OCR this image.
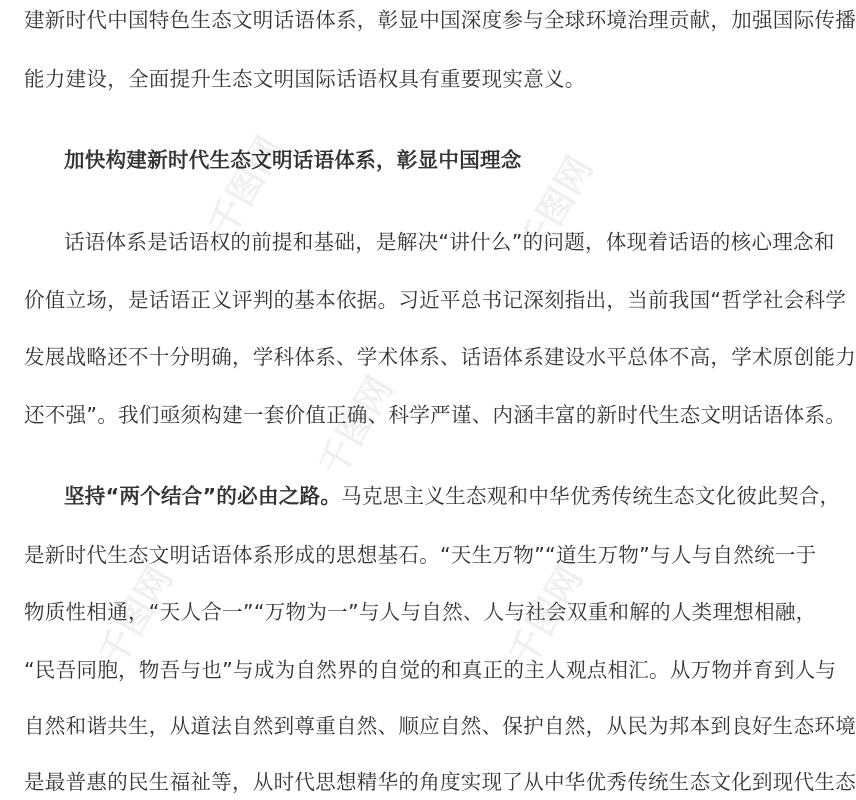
千图网	千图网
千图网
千图网	千图网
建新时代中国特色生态文明话语体系，彰显中国深度参与全球环境治理贡献，加强国际传播
能力建设，全面提升生态文明国际话语权具有重要现实意义。
加快构建新时代生态文明话语体系，彰显中国理念
话语体系是话语权的前提和基础，是解决“讲什么”的问题，体现着话语的核心理念和
价值立场，是话语正义评判的基本依据。习近平总书记深刻指出，当前我国“哲学社会科学
发展战略还不十分明确，学科体系、学术体系、话语体系建设水平总体不高，学术原创能力
还不强”。我们亟须构建一套价值正确、科学严谨、内涵丰富的新时代生态文明话语体系。
坚持“两个结合”的必由之路。马克思主义生态观和中华优秀传统生态文化彼此契合，
是新时代生态文明话语体系形成的思想基石。“天生万物”“道生万物”与人与自然统一于
物质性相通，“天人合一”“万物为一”与人与自然、人与社会双重和解的人类理想相融，
“民吾同胞，物吾与也”与成为自然界的自觉的和真正的主人观点相汇。从万物并育到人与
自然和谐共生，从道法自然到尊重自然、顺应自然、保护自然，从民为邦本到良好生态环境
是最普惠的民生福祉等，从时代思想精华的角度实现了从中华优秀传统生态文化到现代生态
